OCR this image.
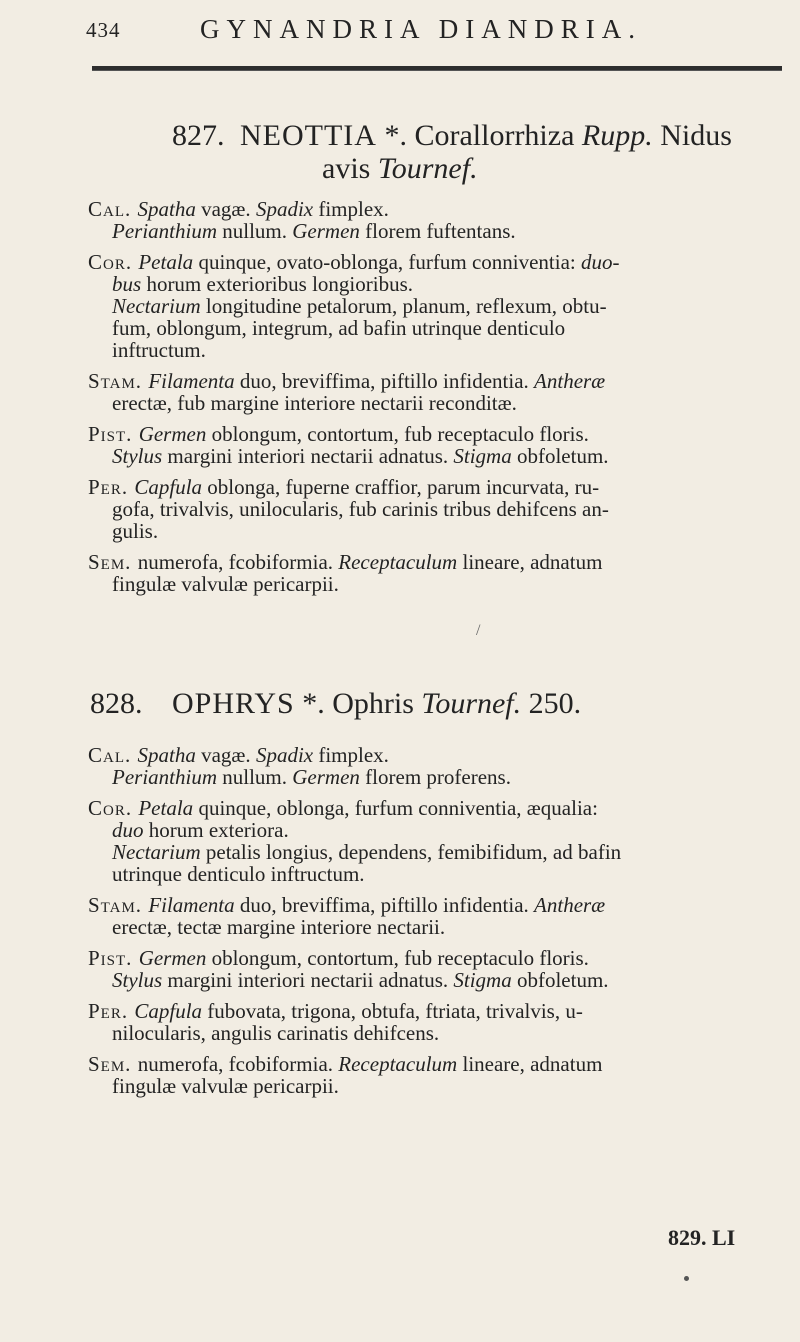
434	GYNANDRIA DIANDRIA.
827. NEOTTIA *. Corallorrhiza Rupp. Nidus
avis Tournef.
Cal. Spatha vagæ. Spadix fimplex.
Perianthium nullum. Germen florem fuftentans.
Cor. Petala quinque, ovato-oblonga, furfum conniventia: duo-
bus horum exterioribus longioribus.
Nectarium longitudine petalorum, planum, reflexum, obtu-
fum, oblongum, integrum, ad bafin utrinque denticulo
inftructum.
Stam. Filamenta duo, breviffima, piftillo infidentia. Antheræ
erectæ, fub margine interiore nectarii reconditæ.
Pist. Germen oblongum, contortum, fub receptaculo floris.
Stylus margini interiori nectarii adnatus. Stigma obfoletum.
Per. Capfula oblonga, fuperne craffior, parum incurvata, ru-
gofa, trivalvis, unilocularis, fub carinis tribus dehifcens an-
gulis.
Sem. numerofa, fcobiformia. Receptaculum lineare, adnatum
fingulæ valvulæ pericarpii.
/
828. OPHRYS *. Ophris Tournef. 250.
Cal. Spatha vagæ. Spadix fimplex.
Perianthium nullum. Germen florem proferens.
Cor. Petala quinque, oblonga, furfum conniventia, æqualia:
duo horum exteriora.
Nectarium petalis longius, dependens, femibifidum, ad bafin
utrinque denticulo inftructum.
Stam. Filamenta duo, breviffima, piftillo infidentia. Antheræ
erectæ, tectæ margine interiore nectarii.
Pist. Germen oblongum, contortum, fub receptaculo floris.
Stylus margini interiori nectarii adnatus. Stigma obfoletum.
Per. Capfula fubovata, trigona, obtufa, ftriata, trivalvis, u-
nilocularis, angulis carinatis dehifcens.
Sem. numerofa, fcobiformia. Receptaculum lineare, adnatum
fingulæ valvulæ pericarpii.
829. LI
